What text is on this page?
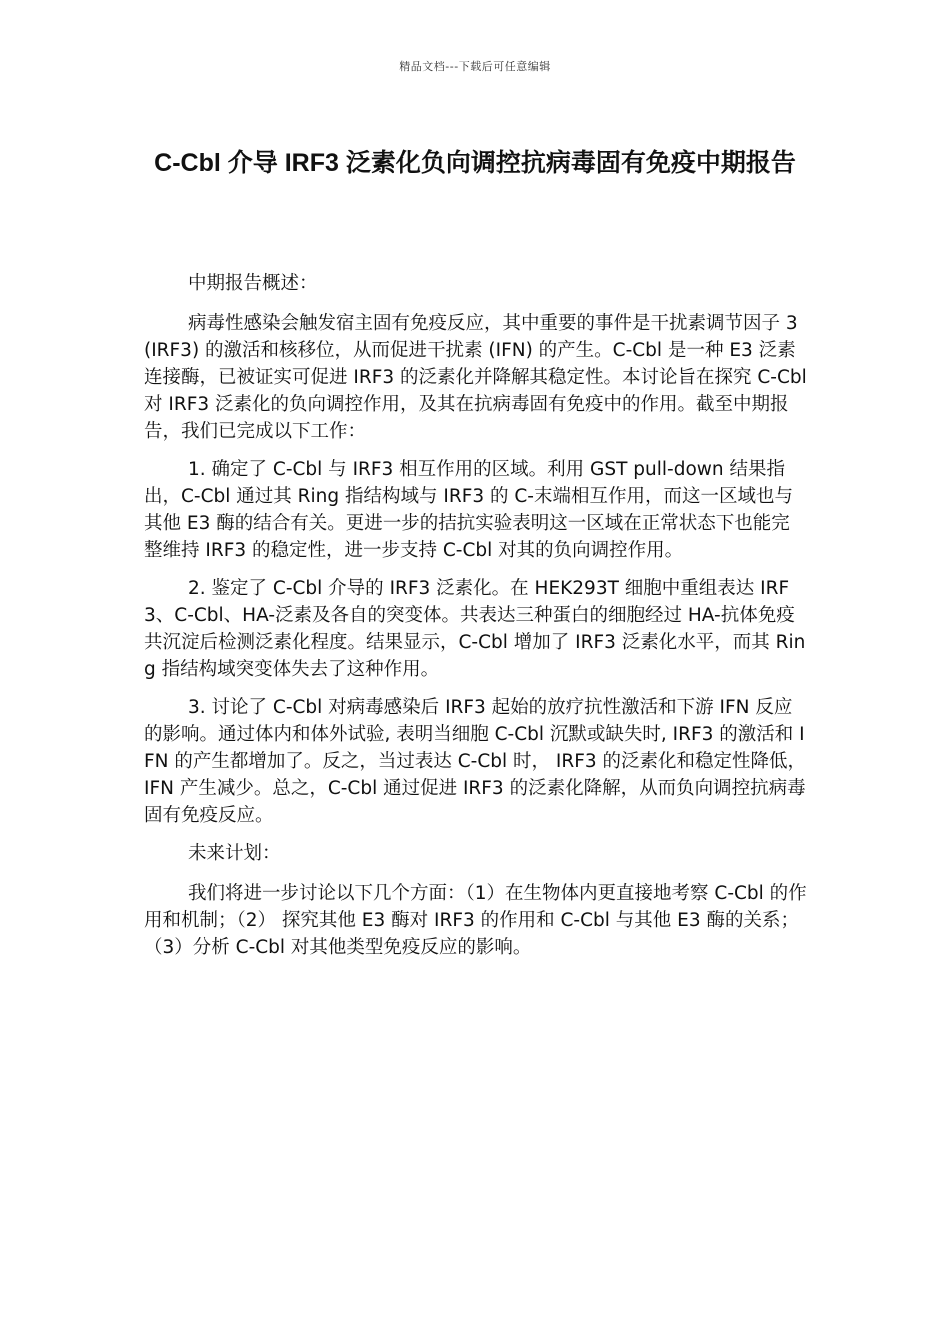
精品文档---下载后可任意编辑
C-Cbl 介导 IRF3 泛素化负向调控抗病毒固有免疫中期报告

中期报告概述：

病毒性感染会触发宿主固有免疫反应，其中重要的事件是干扰素调节因子 3 (IRF3) 的激活和核移位，从而促进干扰素 (IFN) 的产生。C-Cbl 是一种 E3 泛素连接酶，已被证实可促进 IRF3 的泛素化并降解其稳定性。本讨论旨在探究 C-Cbl 对 IRF3 泛素化的负向调控作用，及其在抗病毒固有免疫中的作用。截至中期报告，我们已完成以下工作：

1. 确定了 C-Cbl 与 IRF3 相互作用的区域。利用 GST pull-down 结果指出，C-Cbl 通过其 Ring 指结构域与 IRF3 的 C-末端相互作用，而这一区域也与其他 E3 酶的结合有关。更进一步的拮抗实验表明这一区域在正常状态下也能完整维持 IRF3 的稳定性，进一步支持 C-Cbl 对其的负向调控作用。

2. 鉴定了 C-Cbl 介导的 IRF3 泛素化。在 HEK293T 细胞中重组表达 IRF3、C-Cbl、HA-泛素及各自的突变体。共表达三种蛋白的细胞经过 HA-抗体免疫共沉淀后检测泛素化程度。结果显示，C-Cbl 增加了 IRF3 泛素化水平，而其 Ring 指结构域突变体失去了这种作用。

3. 讨论了 C-Cbl 对病毒感染后 IRF3 起始的放疗抗性激活和下游 IFN 反应的影响。通过体内和体外试验, 表明当细胞 C-Cbl 沉默或缺失时, IRF3 的激活和 IFN 的产生都增加了。反之，当过表达 C-Cbl 时， IRF3 的泛素化和稳定性降低， IFN 产生减少。总之，C-Cbl 通过促进 IRF3 的泛素化降解，从而负向调控抗病毒固有免疫反应。

未来计划：

我们将进一步讨论以下几个方面：（1）在生物体内更直接地考察 C-Cbl 的作用和机制；（2） 探究其他 E3 酶对 IRF3 的作用和 C-Cbl 与其他 E3 酶的关系；（3）分析 C-Cbl 对其他类型免疫反应的影响。
